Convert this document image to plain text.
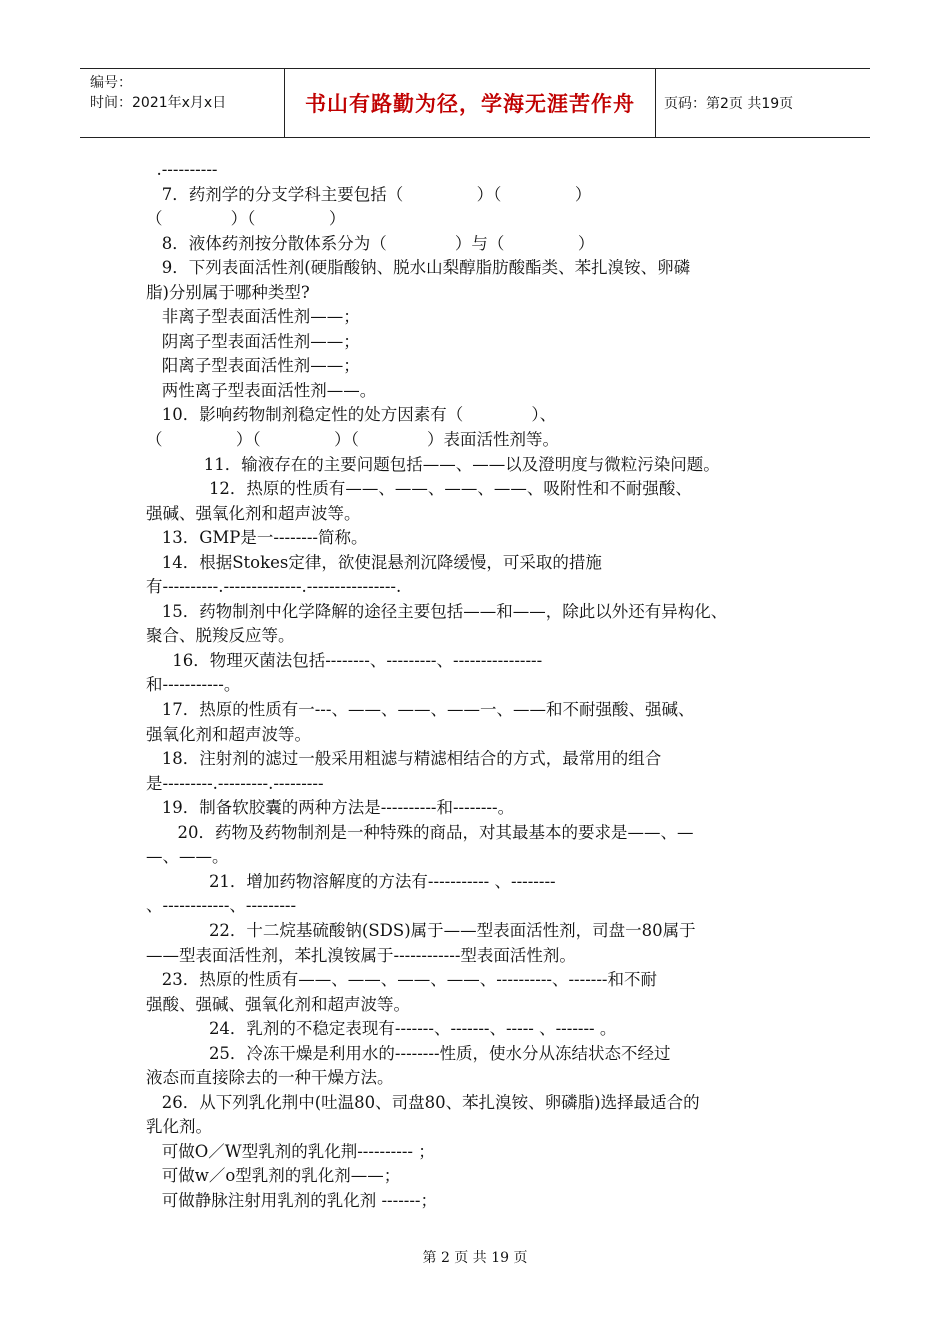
编号：
时间：2021年x月x日	书山有路勤为径，学海无涯苦作舟	页码：第2页 共19页
.----------
7．药剂学的分支学科主要包括（              ）（              ）
（             ）（              ）
8．液体药剂按分散体系分为（             ）与（              ）
9．下列表面活性剂(硬脂酸钠、脱水山梨醇脂肪酸酯类、苯扎溴铵、卵磷
脂)分别属于哪种类型?
非离子型表面活性剂——；
阴离子型表面活性剂——；
阳离子型表面活性剂——；
两性离子型表面活性剂——。
10．影响药物制剂稳定性的处方因素有（             ）、
（              ）（              ）（             ）表面活性剂等。
11．输液存在的主要问题包括——、——以及澄明度与微粒污染问题。
12．热原的性质有——、——、——、——、吸附性和不耐强酸、
强碱、强氧化剂和超声波等。
13．GMP是一--------简称。
14．根据Stokes定律，欲使混悬剂沉降缓慢，可采取的措施
有----------.--------------.----------------.
15．药物制剂中化学降解的途径主要包括——和——，除此以外还有异构化、
聚合、脱羧反应等。
16．物理灭菌法包括--------、---------、----------------
和-----------。
17．热原的性质有一---、——、——、——一、——和不耐强酸、强碱、
强氧化剂和超声波等。
18．注射剂的滤过一般采用粗滤与精滤相结合的方式，最常用的组合
是---------.---------.---------
19．制备软胶囊的两种方法是----------和--------。
20．药物及药物制剂是一种特殊的商品，对其最基本的要求是——、—
—、——。
21．增加药物溶解度的方法有----------- 、--------
、------------、---------
22．十二烷基硫酸钠(SDS)属于——型表面活性剂，司盘一80属于
——型表面活性剂，苯扎溴铵属于------------型表面活性剂。
23．热原的性质有——、——、——、——、----------、-------和不耐
强酸、强碱、强氧化剂和超声波等。
24．乳剂的不稳定表现有-------、-------、----- 、------- 。
25．冷冻干燥是利用水的--------性质，使水分从冻结状态不经过
液态而直接除去的一种干燥方法。
26．从下列乳化荆中(吐温80、司盘80、苯扎溴铵、卵磷脂)选择最适合的
乳化剂。
可做O／W型乳剂的乳化荆---------- ；
可做w／o型乳剂的乳化剂——；
可做静脉注射用乳剂的乳化剂 -------；
第 2 页 共 19 页
